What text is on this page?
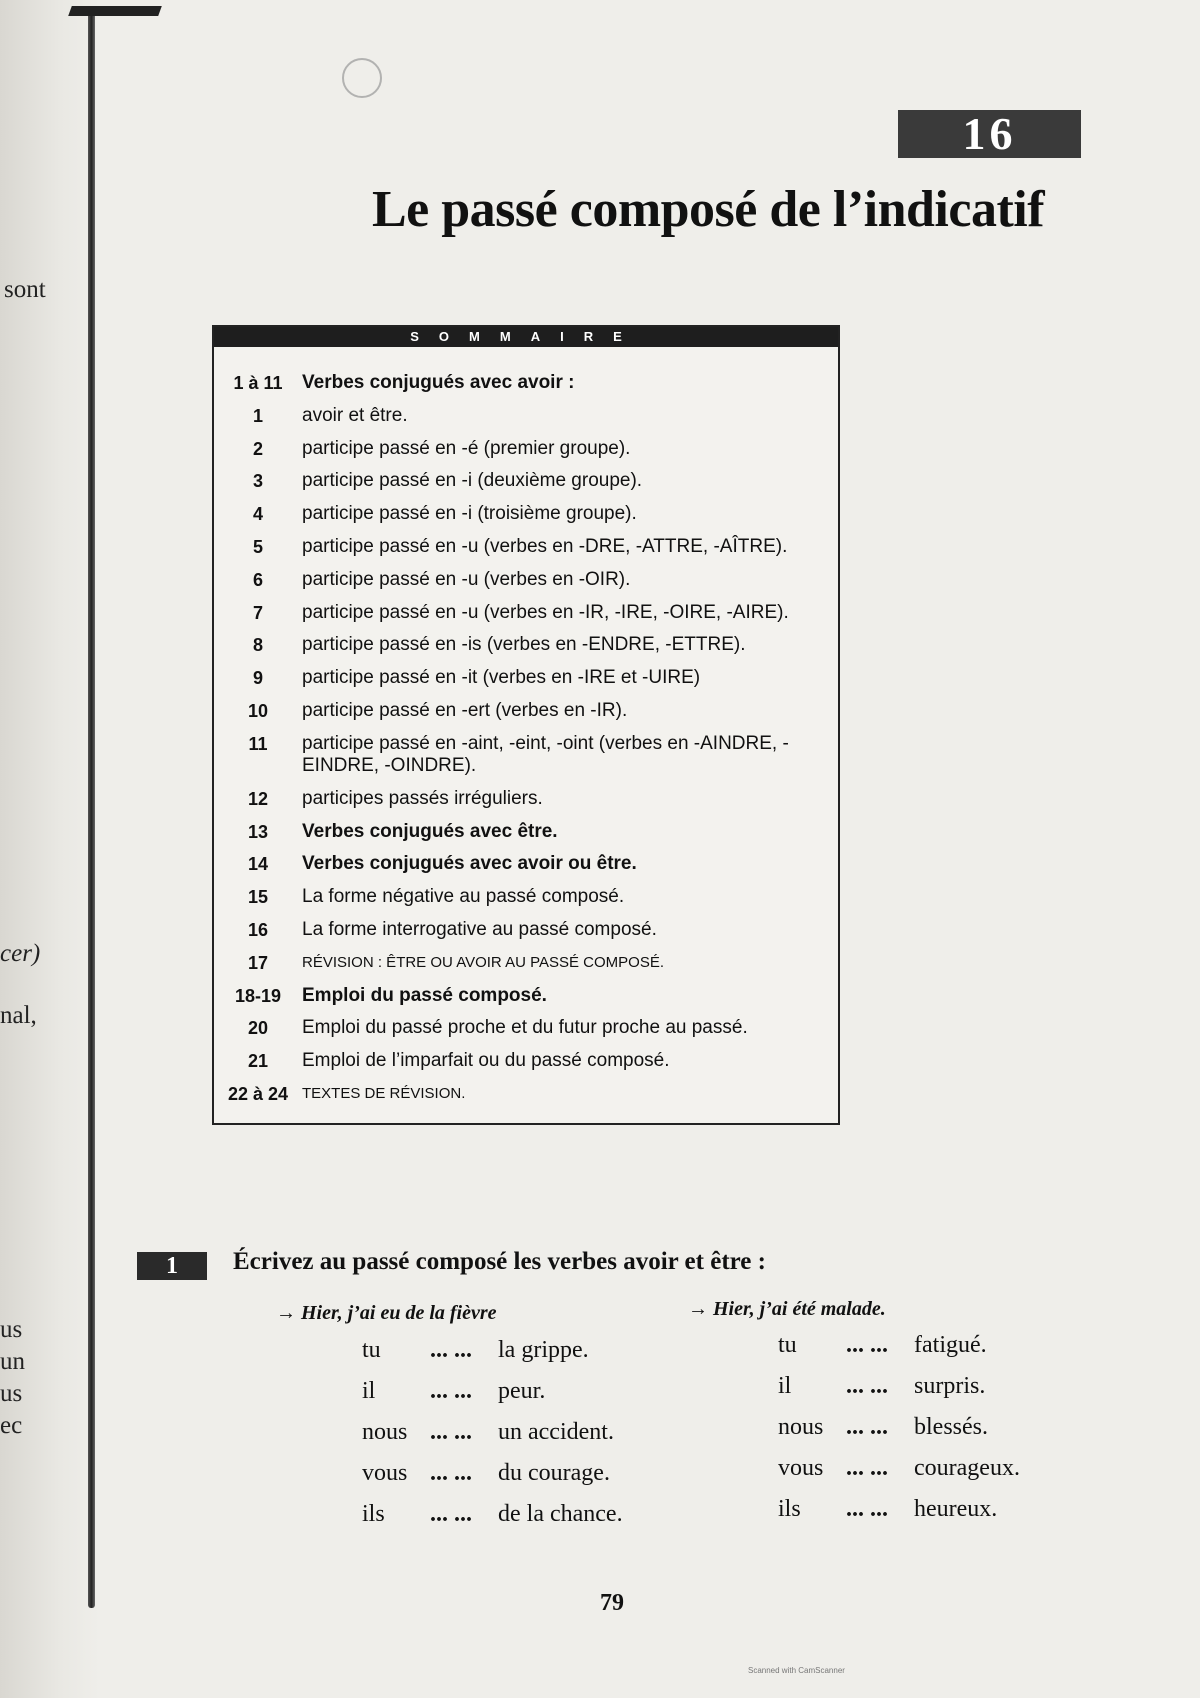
sont
cer)
nal,
us
un
us
ec
16
Le passé composé de l’indicatif
SOMMAIRE
1 à 11	Verbes conjugués avec avoir :
1	avoir et être.
2	participe passé en -é (premier groupe).
3	participe passé en -i (deuxième groupe).
4	participe passé en -i (troisième groupe).
5	participe passé en -u (verbes en -DRE, -ATTRE, -AÎTRE).
6	participe passé en -u (verbes en -OIR).
7	participe passé en -u (verbes en -IR, -IRE, -OIRE, -AIRE).
8	participe passé en -is (verbes en -ENDRE, -ETTRE).
9	participe passé en -it (verbes en -IRE et -UIRE)
10	participe passé en -ert (verbes en -IR).
11	participe passé en -aint, -eint, -oint (verbes en -AINDRE, -EINDRE, -OINDRE).
12	participes passés irréguliers.
13	Verbes conjugués avec être.
14	Verbes conjugués avec avoir ou être.
15	La forme négative au passé composé.
16	La forme interrogative au passé composé.
17	RÉVISION : ÊTRE OU AVOIR AU PASSÉ COMPOSÉ.
18-19	Emploi du passé composé.
20	Emploi du passé proche et du futur proche au passé.
21	Emploi de l’imparfait ou du passé composé.
22 à 24 TEXTES DE RÉVISION.
1	Écrivez au passé composé les verbes avoir et être :
→ Hier, j’ai eu de la fièvre	→ Hier, j’ai été malade.
tu	... ...	la grippe.
il	... ...	peur.
nous ... ...	un accident.
vous ... ...	du courage.
ils	... ...	de la chance.
tu	... ...	fatigué.
il	... ...	surpris.
nous ... ...	blessés.
vous ... ...	courageux.
ils	... ...	heureux.
79
Scanned with CamScanner
